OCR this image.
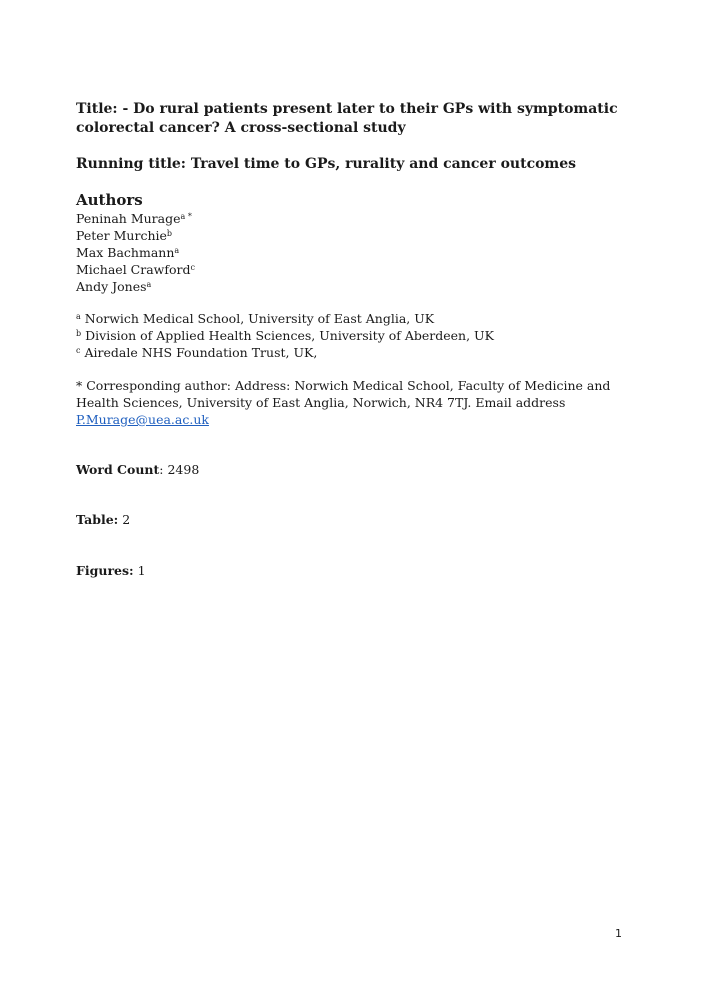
Title: - Do rural patients present later to their GPs with symptomatic
colorectal cancer? A cross-sectional study
Running title: Travel time to GPs, rurality and cancer outcomes
Authors
Peninah Murage$^{a *}$
Peter Murchie$^b$
Max Bachmann$^a$
Michael Crawford$^c$
Andy Jones$^a$
$^a$ Norwich Medical School, University of East Anglia, UK
$^b$ Division of Applied Health Sciences, University of Aberdeen, UK
$^c$ Airedale NHS Foundation Trust, UK,
* Corresponding author: Address: Norwich Medical School, Faculty of Medicine and
Health Sciences, University of East Anglia, Norwich, NR4 7TJ. Email address
P.Murage@uea.ac.uk
Word Count: 2498
Table: 2
Figures: 1
1
